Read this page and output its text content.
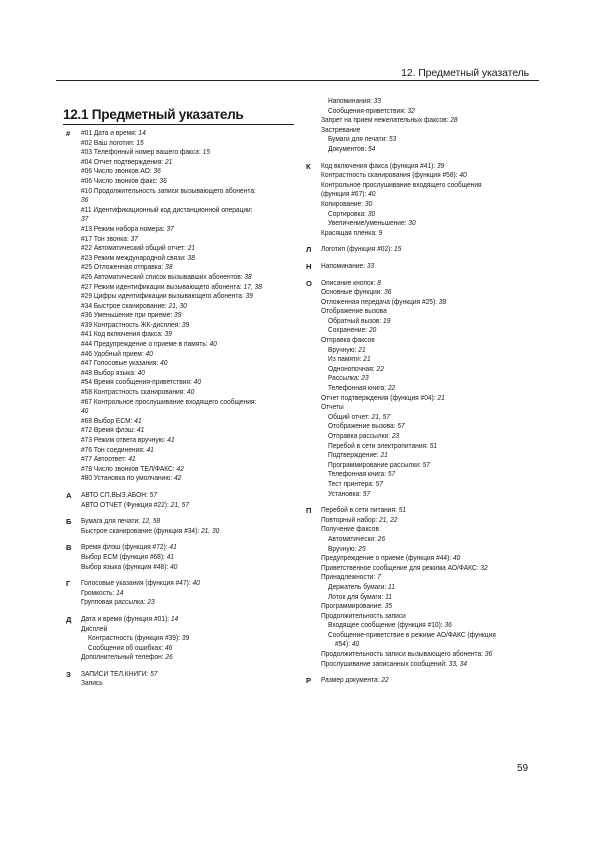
12. Предметный указатель
12.1 Предметный указатель
# #01 Дата и время: 14
#02 Ваш логотип: 15
#03 Телефонный номер вашего факса: 15
#04 Отчет подтверждения: 21
#06 Число звонков АО: 36
#06 Число звонков факс: 36
#10 Продолжительность записи вызывающего абонента:
36
#11 Идентификационный код дистанционной операции:
37
#13 Режим набора номера: 37
#17 Тон звонка: 37
#22 Автоматический общий отчет: 21
#23 Режим международной связи: 38
#25 Отложенная отправка: 38
#26 Автоматический список вызывавших абонентов: 38
#27 Режим идентификации вызывающего абонента: 17, 38
#29 Цифры идентификации вызывающего абонента: 39
#34 Быстрое сканирование: 21, 30
#36 Уменьшение при приеме: 39
#39 Контрастность ЖК-дисплея: 39
#41 Код включения факса: 39
#44 Предупреждение о приеме в память: 40
#46 Удобный прием: 40
#47 Голосовые указания: 40
#48 Выбор языка: 40
#54 Время сообщения-приветствия: 40
#58 Контрастность сканирования: 40
#67 Контрольное прослушивание входящего сообщения:
40
#68 Выбор ECM: 41
#72 Время флэш: 41
#73 Режим ответа вручную: 41
#76 Тон соединения: 41
#77 Автоответ: 41
#78 Число звонков ТЕЛ/ФАКС: 42
#80 Установка по умолчанию: 42
А АВТО СП.ВЫЗ.АБОН: 57
АВТО ОТЧЕТ (Функция #22): 21, 57
Б Бумага для печати: 12, 58
Быстрое сканирование (функция #34): 21, 30
В Время флэш (функция #72): 41
Выбор ECM (функция #68): 41
Выбор языка (функция #48): 40
Г Голосовые указания (функция #47): 40
Громкость: 14
Групповая рассылка: 23
Д Дата и время (функция #01): 14
Дисплей
Контрастность (функция #39): 39
Сообщения об ошибках: 46
Дополнительный телефон: 26
З ЗАПИСИ ТЕЛ.КНИГИ: 57
Запись
Напоминания: 33
Сообщения-приветствия: 32
Запрет на прием нежелательных факсов: 28
Застревание
Бумаги для печати: 53
Документов: 54
К Код включения факса (функция #41): 39
Контрастность сканирования (функция #58): 40
Контрольное прослушивание входящего сообщения
(функция #67): 40
Копирование: 30
Сортировка: 30
Увеличение/уменьшение: 30
Красящая пленка: 9
Л Логотип (функция #02): 15
Н Напоминание: 33
О Описание кнопок: 8
Основные функции: 36
Отложенная передача (функция #25): 38
Отображение вызова
Обратный вызов: 19
Сохранение: 20
Отправка факсов
Вручную: 21
Из памяти: 21
Однонопочная: 22
Рассылка: 23
Телефонная книга: 22
Отчет подтверждения (функция #04): 21
Отчеты
Общий отчет: 21, 57
Отображение вызова: 57
Отправка рассылки: 23
Перебой в сети электропитания: 51
Подтверждение: 21
Программирование рассылки: 57
Телефонная книга: 57
Тест принтера: 57
Установка: 57
П Перебой в сети питания: 51
Повторный набор: 21, 22
Получение факсов
Автоматически: 26
Вручную: 25
Предупреждение о приеме (функция #44): 40
Приветственное сообщение для режима АО/ФАКС: 32
Принадлежности: 7
Держатель бумаги: 11
Лоток для бумаги: 11
Программирование: 35
Продолжительность записи
Входящее сообщение (функция #10): 36
Сообщение-приветствие в режиме АО/ФАКС (функция
#54): 40
Продолжительность записи вызывающего абонента: 36
Прослушивание записанных сообщений: 33, 34
Р Размер документа: 22
59
